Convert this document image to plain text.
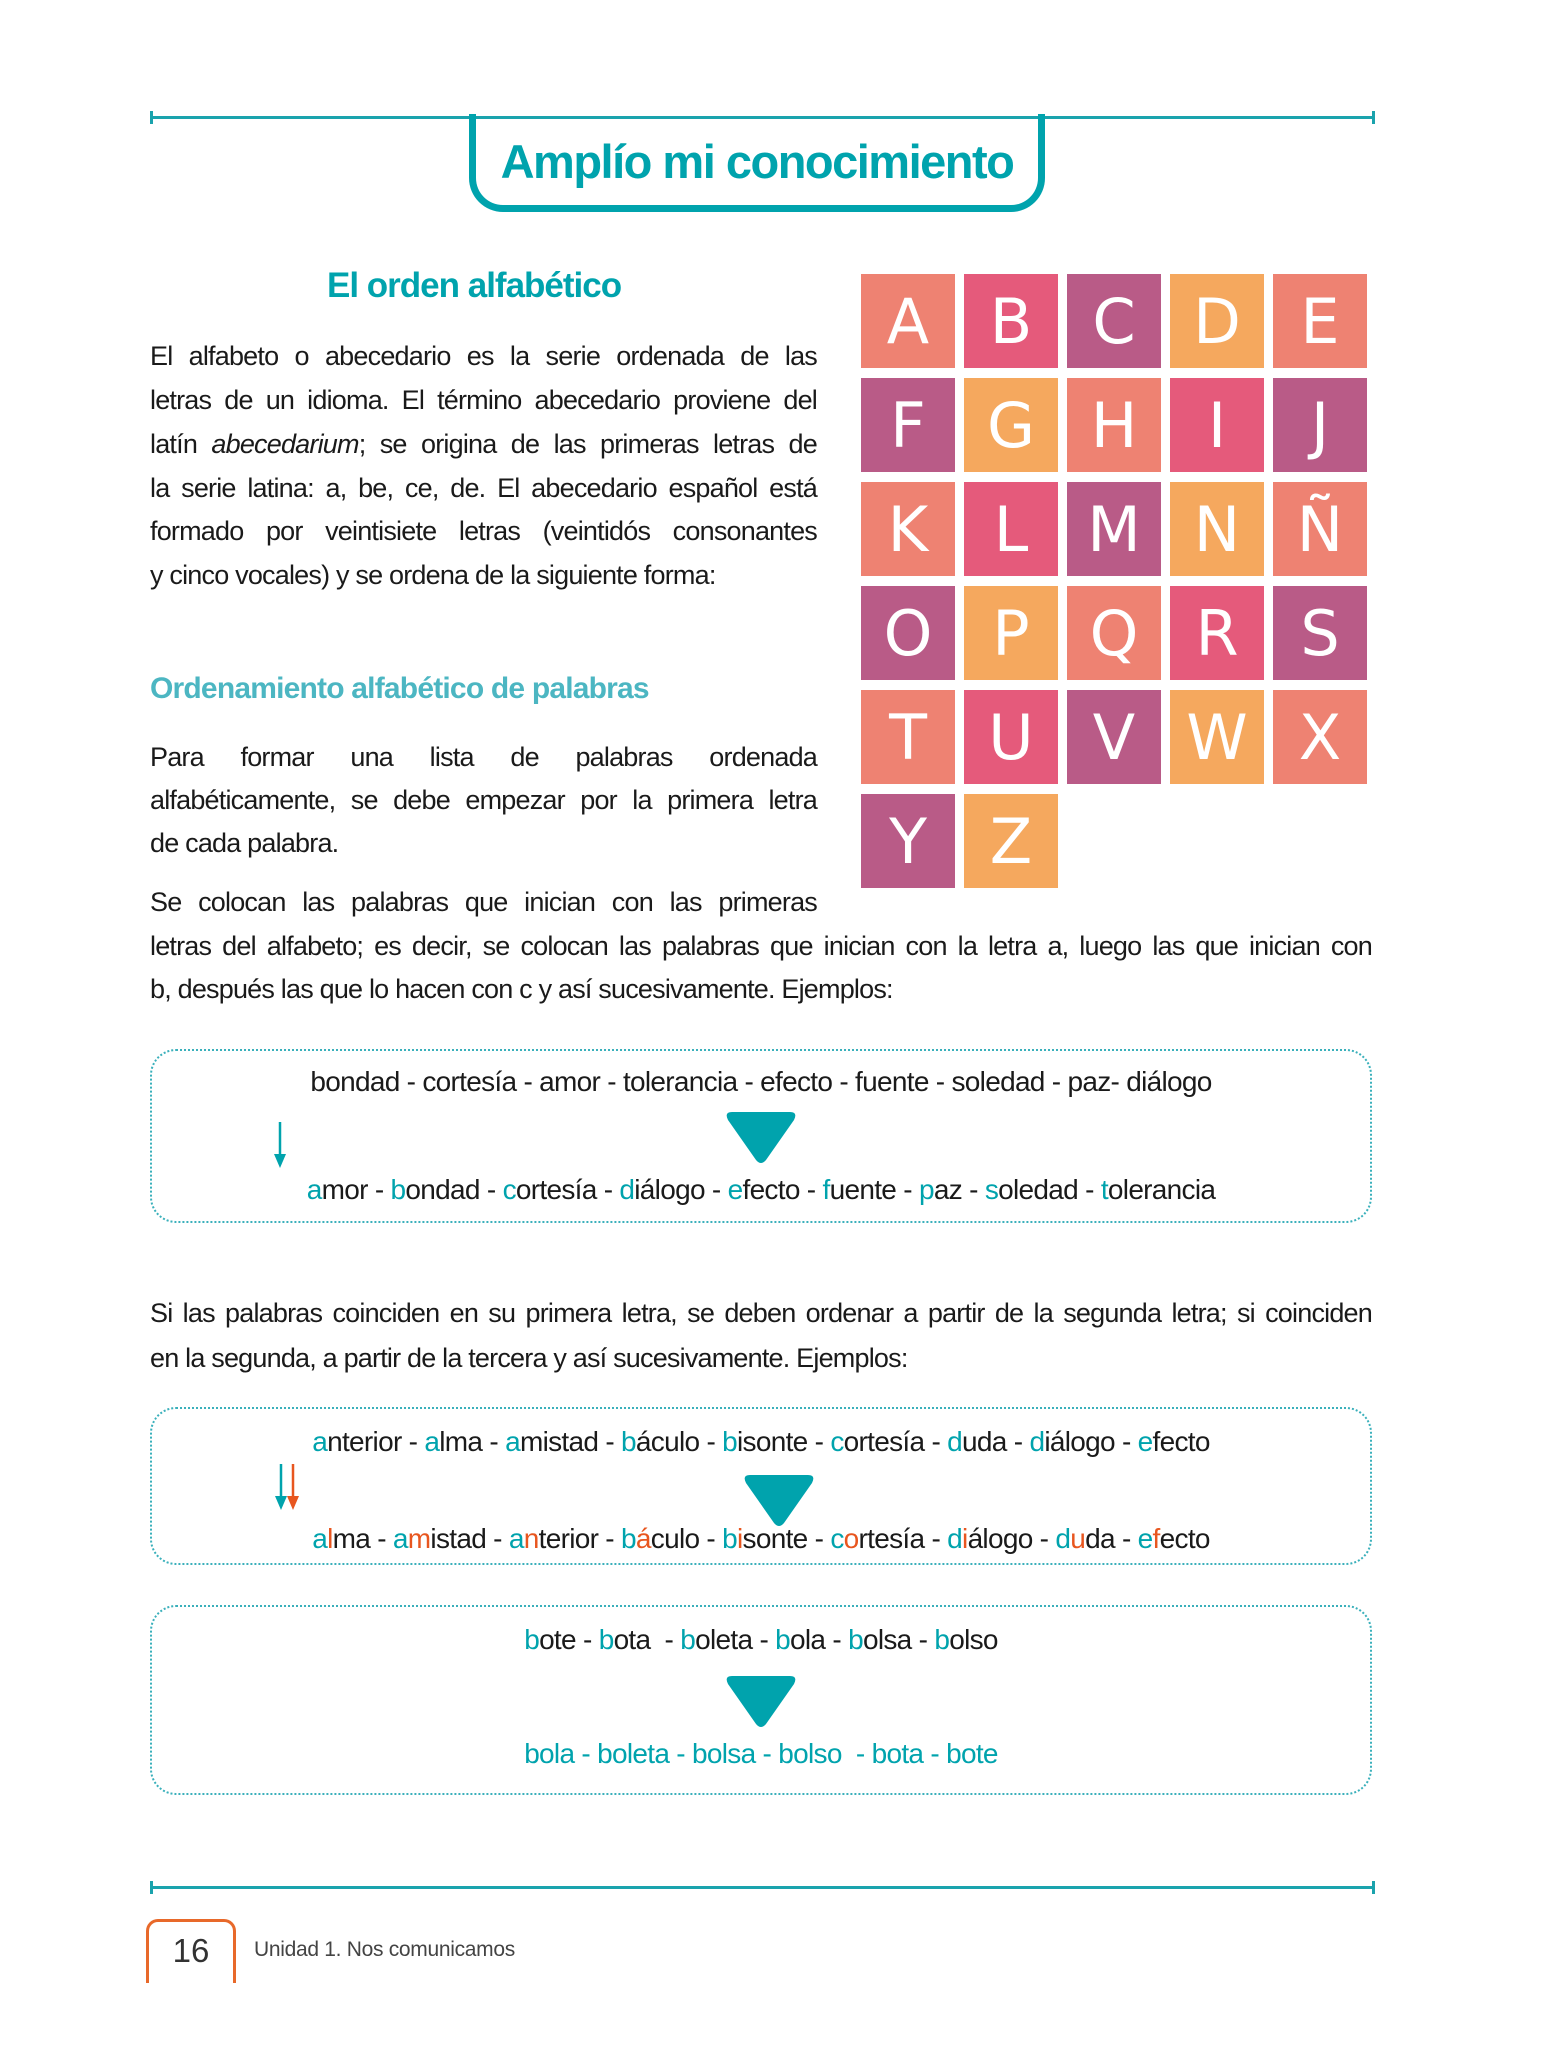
Amplío mi conocimiento
El orden alfabético
El alfabeto o abecedario es la serie ordenada de las
letras de un idioma. El término abecedario proviene del
latín abecedarium; se origina de las primeras letras de
la serie latina: a, be, ce, de. El abecedario español está
formado por veintisiete letras (veintidós consonantes
y cinco vocales) y se ordena de la siguiente forma:
A B C D E
F G H	I	J
K	L M N Ñ
O P Q R S
T U V W X
Y	Z
Ordenamiento alfabético de palabras
Para formar una lista de palabras ordenada
alfabéticamente, se debe empezar por la primera letra
de cada palabra.
Se colocan las palabras que inician con las primeras
letras del alfabeto; es decir, se colocan las palabras que inician con la letra a, luego las que inician con
b, después las que lo hacen con c y así sucesivamente. Ejemplos:
bondad - cortesía - amor - tolerancia - efecto - fuente - soledad - paz- diálogo
amor - bondad - cortesía - diálogo - efecto - fuente - paz - soledad - tolerancia
Si las palabras coinciden en su primera letra, se deben ordenar a partir de la segunda letra; si coinciden
en la segunda, a partir de la tercera y así sucesivamente. Ejemplos:
anterior - alma - amistad - báculo - bisonte - cortesía - duda - diálogo - efecto
alma - amistad - anterior - báculo - bisonte - cortesía - diálogo - duda - efecto
bote - bota  - boleta - bola - bolsa - bolso
bola - boleta - bolsa - bolso  - bota - bote
16	Unidad 1. Nos comunicamos
